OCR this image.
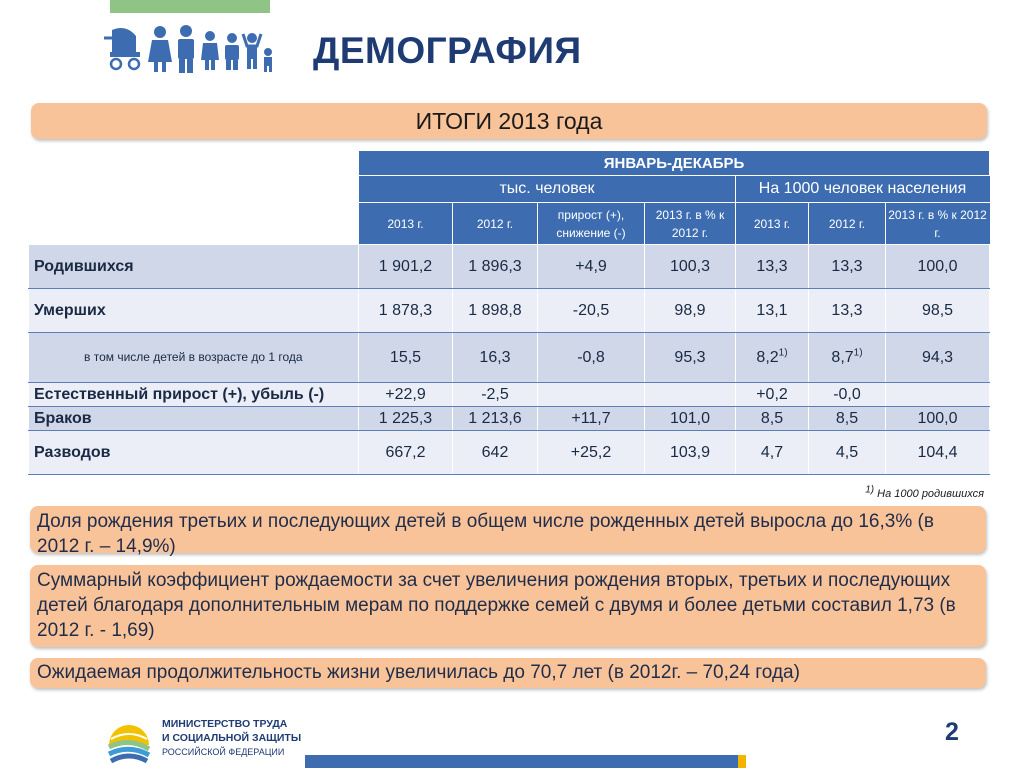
ДЕМОГРАФИЯ
ИТОГИ 2013 года
	ЯНВАРЬ-ДЕКАБРЬ						
	тыс. человек				На 1000 человек населения		
	2013 г.	2012 г.	прирост (+), снижение (-)	2013 г. в % к 2012 г.	2013 г.	2012 г.	2013 г. в % к 2012 г.
Родившихся	1 901,2	1 896,3	+4,9	100,3	13,3	13,3	100,0
Умерших	1 878,3	1 898,8	-20,5	98,9	13,1	13,3	98,5
в том числе детей в возрасте до 1 года	15,5	16,3	-0,8	95,3	8,2$^{1)}$	8,7$^{1)}$	94,3
Естественный прирост (+), убыль (-)	+22,9	-2,5			+0,2	-0,0	
Браков	1 225,3	1 213,6	+11,7	101,0	8,5	8,5	100,0
Разводов	667,2	642	+25,2	103,9	4,7	4,5	104,4
1) На 1000 родившихся
Доля рождения третьих и последующих детей в общем числе рожденных детей выросла до 16,3% (в 2012 г. – 14,9%)
Суммарный коэффициент рождаемости за счет увеличения рождения вторых, третьих и последующих детей благодаря дополнительным мерам по поддержке семей с двумя и более детьми составил 1,73 (в 2012 г. - 1,69)
Ожидаемая продолжительность жизни увеличилась до 70,7 лет (в 2012г. – 70,24 года)
МИНИСТЕРСТВО ТРУДА
И СОЦИАЛЬНОЙ ЗАЩИТЫ
РОССИЙСКОЙ ФЕДЕРАЦИИ
2
